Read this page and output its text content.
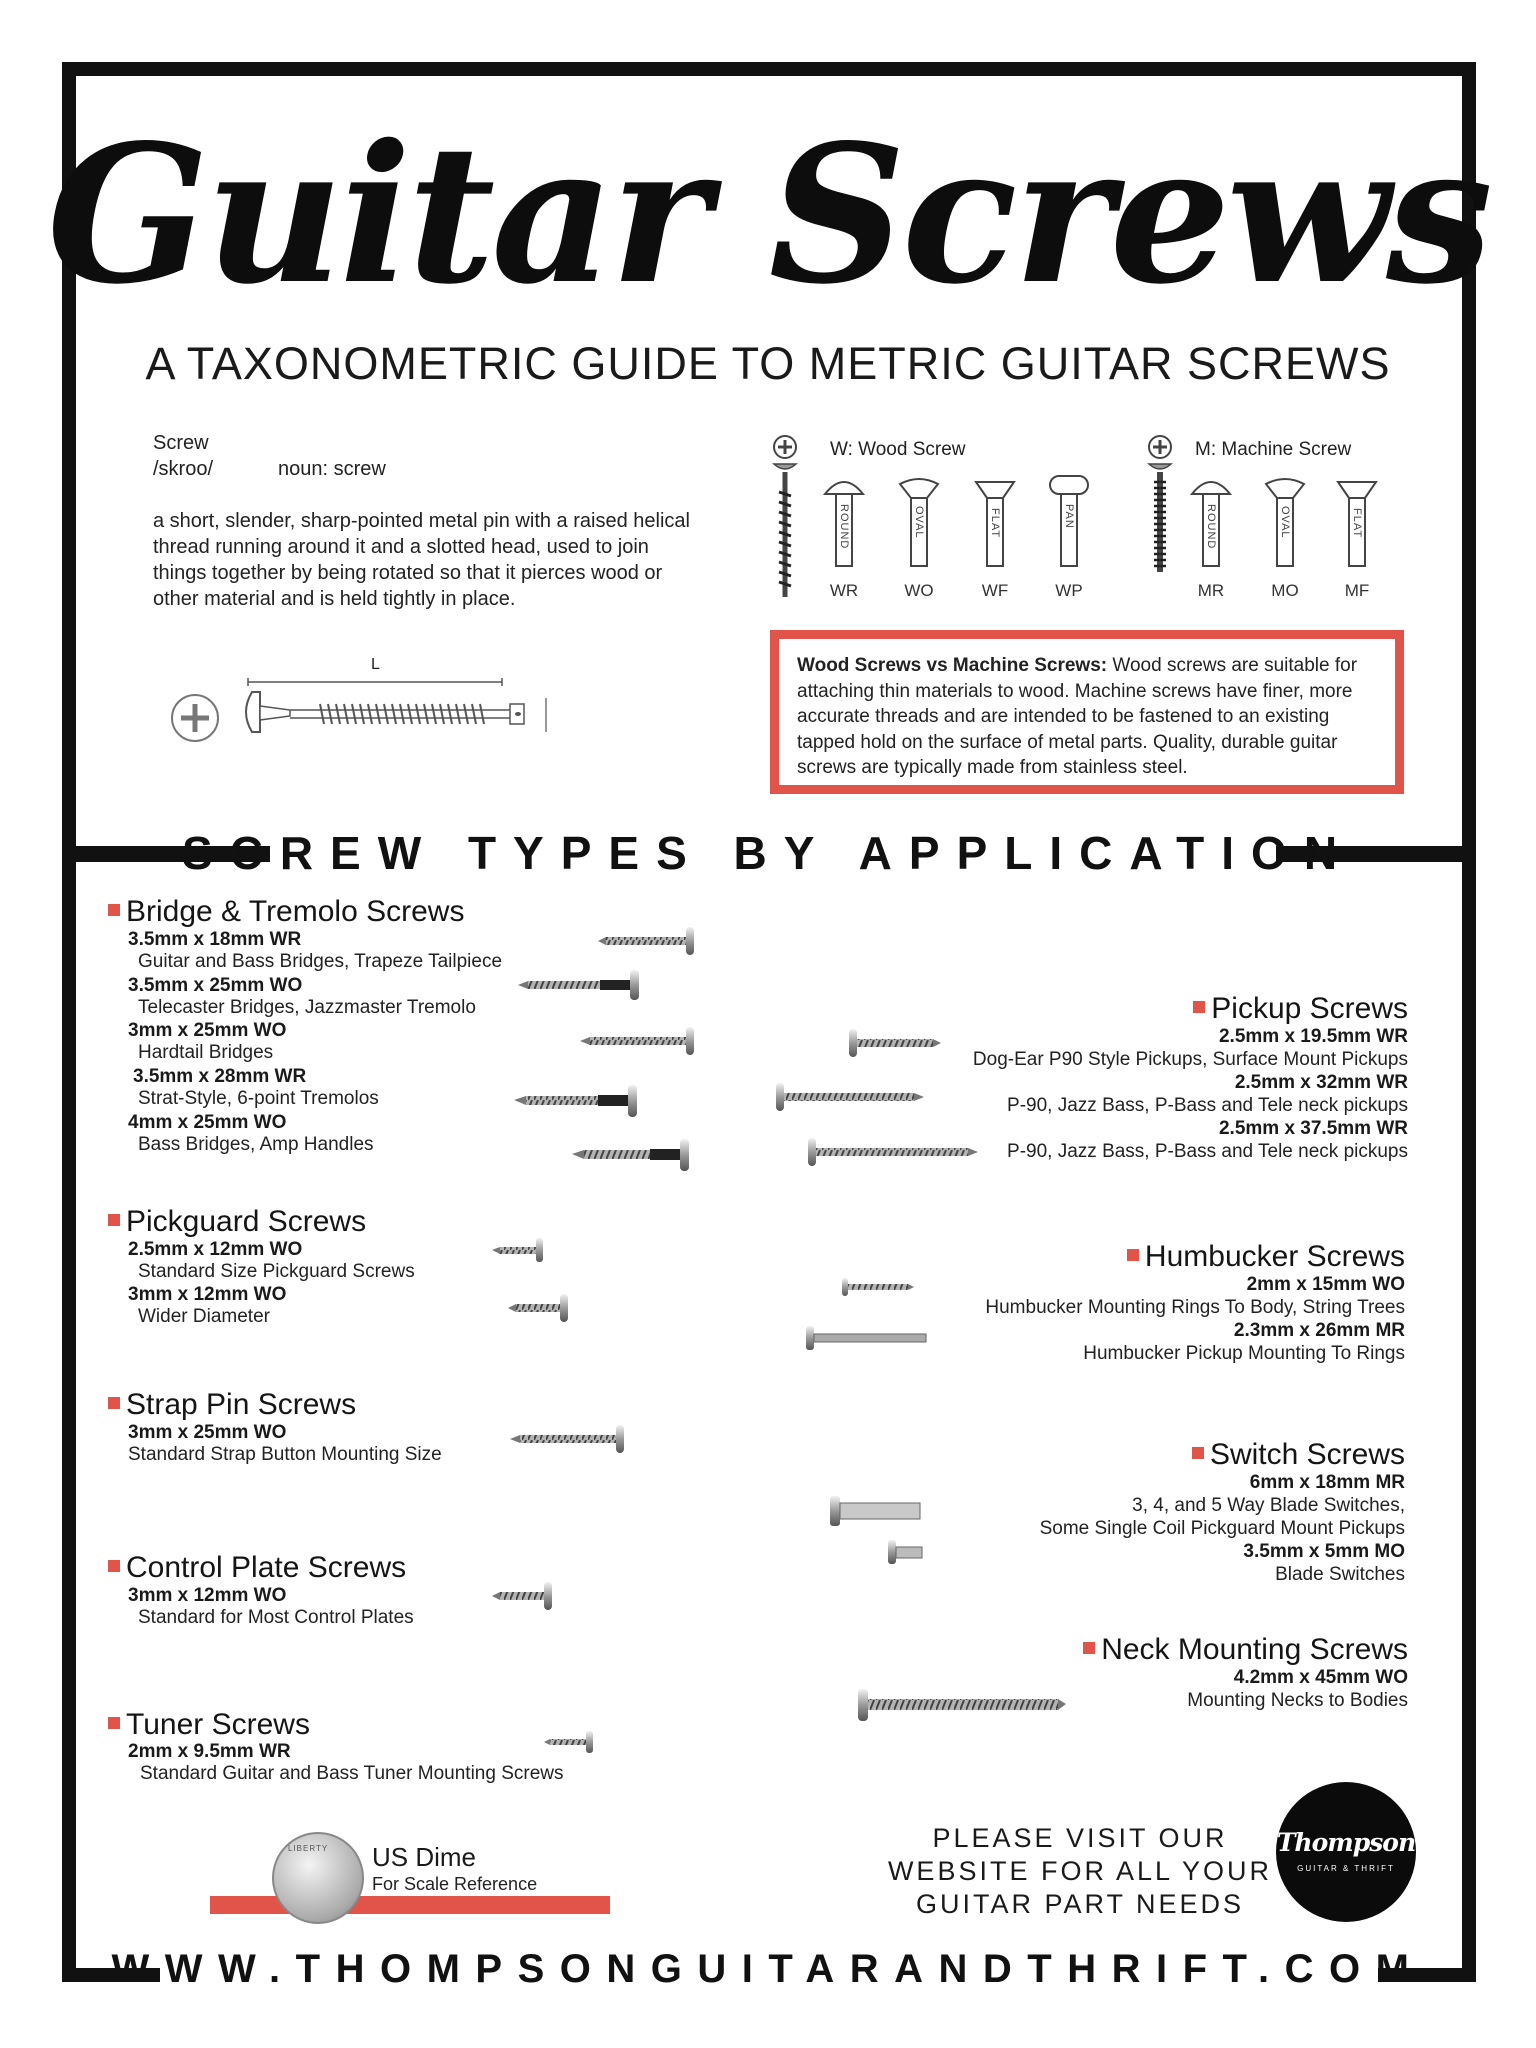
Guitar Screws
A TAXONOMETRIC GUIDE TO METRIC GUITAR SCREWS
Screw
/skroo/	noun: screw
a short, slender, sharp-pointed metal pin with a raised helical thread running around it and a slotted head, used to join things together by being rotated so that it pierces wood or other material and is held tightly in place.
L
W: Wood Screw	M: Machine Screw
ROUND
WR
OVAL
WO
FLAT
WF
PAN
WP
ROUND
MR
OVAL
MO
FLAT
MF
Wood Screws vs Machine Screws: Wood screws are suitable for attaching thin materials to wood. Machine screws have finer, more accurate threads and are intended to be fastened to an existing tapped hold on the surface of metal parts. Quality, durable guitar screws are typically made from stainless steel.
SCREW TYPES BY APPLICATION
Bridge & Tremolo Screws
3.5mm x 18mm WR
Guitar and Bass Bridges, Trapeze Tailpiece
3.5mm x 25mm WO
Telecaster Bridges, Jazzmaster Tremolo
3mm x 25mm WO
Hardtail Bridges
3.5mm x 28mm WR
Strat-Style, 6-point Tremolos
4mm x 25mm WO
Bass Bridges, Amp Handles
Pickguard Screws
2.5mm x 12mm WO
Standard Size Pickguard Screws
3mm x 12mm WO
Wider Diameter
Strap Pin Screws
3mm x 25mm WO
Standard Strap Button Mounting Size
Control Plate Screws
3mm x 12mm WO
Standard for Most Control Plates
Tuner Screws
2mm x 9.5mm WR
Standard Guitar and Bass Tuner Mounting Screws
Pickup Screws
2.5mm x 19.5mm WR
Dog-Ear P90 Style Pickups, Surface Mount Pickups
2.5mm x 32mm WR
P-90, Jazz Bass, P-Bass and Tele neck pickups
2.5mm x 37.5mm WR
P-90, Jazz Bass, P-Bass and Tele neck pickups
Humbucker Screws
2mm x 15mm WO
Humbucker Mounting Rings To Body, String Trees
2.3mm x 26mm MR
Humbucker Pickup Mounting To Rings
Switch Screws
6mm x 18mm MR
3, 4, and 5 Way Blade Switches,
Some Single Coil Pickguard Mount Pickups
3.5mm x 5mm MO
Blade Switches
Neck Mounting Screws
4.2mm x 45mm WO
Mounting Necks to Bodies
LIBERTY US Dime
For Scale Reference
PLEASE VISIT OUR
WEBSITE FOR ALL YOUR
GUITAR PART NEEDS
Thompson
GUITAR & THRIFT
WWW.THOMPSONGUITARANDTHRIFT.COM
